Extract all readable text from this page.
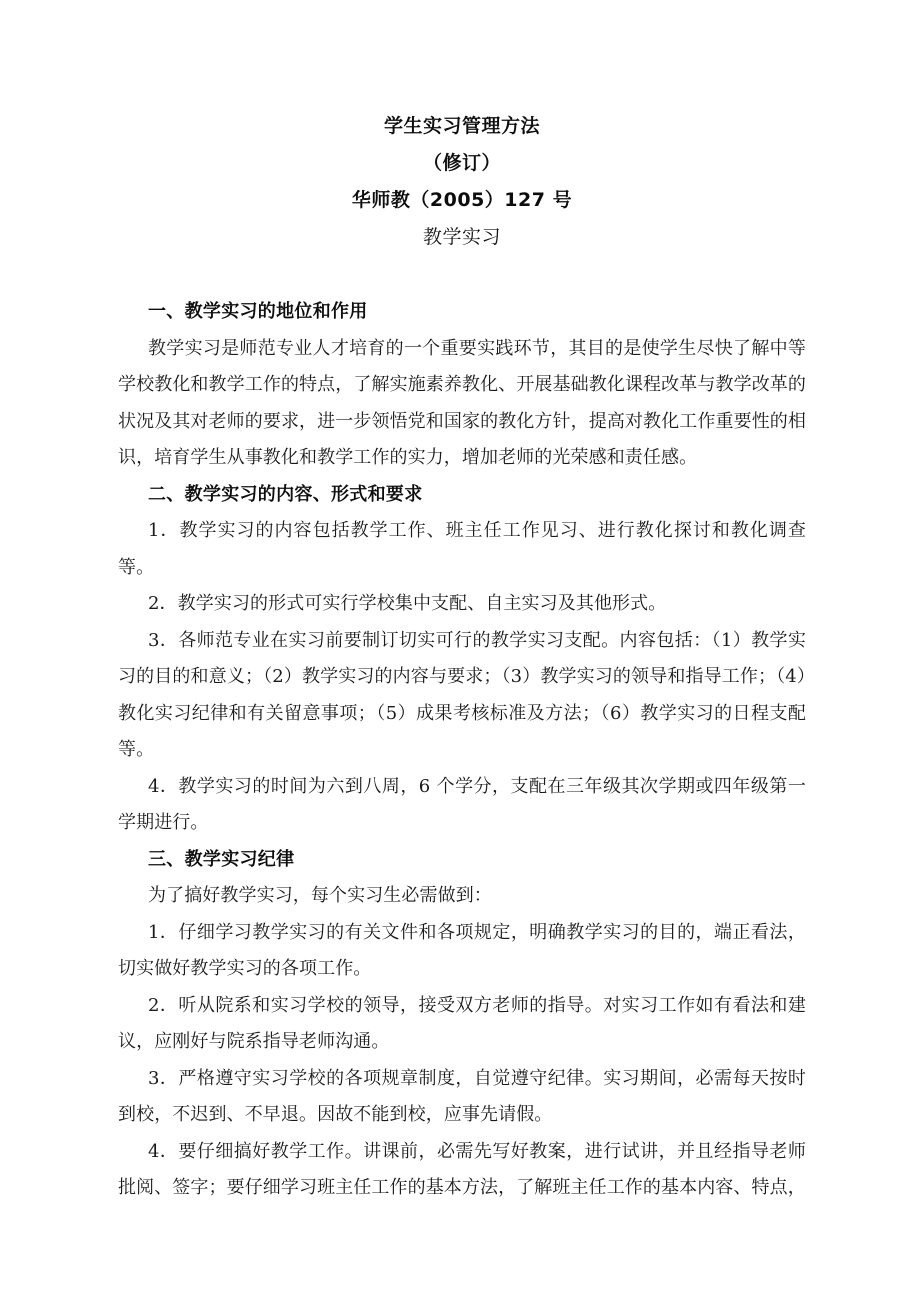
学生实习管理方法
（修订）
华师教（2005）127 号
教学实习
一、教学实习的地位和作用
教学实习是师范专业人才培育的一个重要实践环节，其目的是使学生尽快了解中等学校教化和教学工作的特点，了解实施素养教化、开展基础教化课程改革与教学改革的状况及其对老师的要求，进一步领悟党和国家的教化方针，提高对教化工作重要性的相识，培育学生从事教化和教学工作的实力，增加老师的光荣感和责任感。
二、教学实习的内容、形式和要求
1．教学实习的内容包括教学工作、班主任工作见习、进行教化探讨和教化调查等。
2．教学实习的形式可实行学校集中支配、自主实习及其他形式。
3．各师范专业在实习前要制订切实可行的教学实习支配。内容包括：（1）教学实习的目的和意义；（2）教学实习的内容与要求；（3）教学实习的领导和指导工作；（4）教化实习纪律和有关留意事项；（5）成果考核标准及方法；（6）教学实习的日程支配等。
4．教学实习的时间为六到八周，6 个学分，支配在三年级其次学期或四年级第一学期进行。
三、教学实习纪律
为了搞好教学实习，每个实习生必需做到：
1．仔细学习教学实习的有关文件和各项规定，明确教学实习的目的，端正看法，切实做好教学实习的各项工作。
2．听从院系和实习学校的领导，接受双方老师的指导。对实习工作如有看法和建议，应刚好与院系指导老师沟通。
3．严格遵守实习学校的各项规章制度，自觉遵守纪律。实习期间，必需每天按时到校，不迟到、不早退。因故不能到校，应事先请假。
4．要仔细搞好教学工作。讲课前，必需先写好教案，进行试讲，并且经指导老师批阅、签字；要仔细学习班主任工作的基本方法，了解班主任工作的基本内容、特点，
